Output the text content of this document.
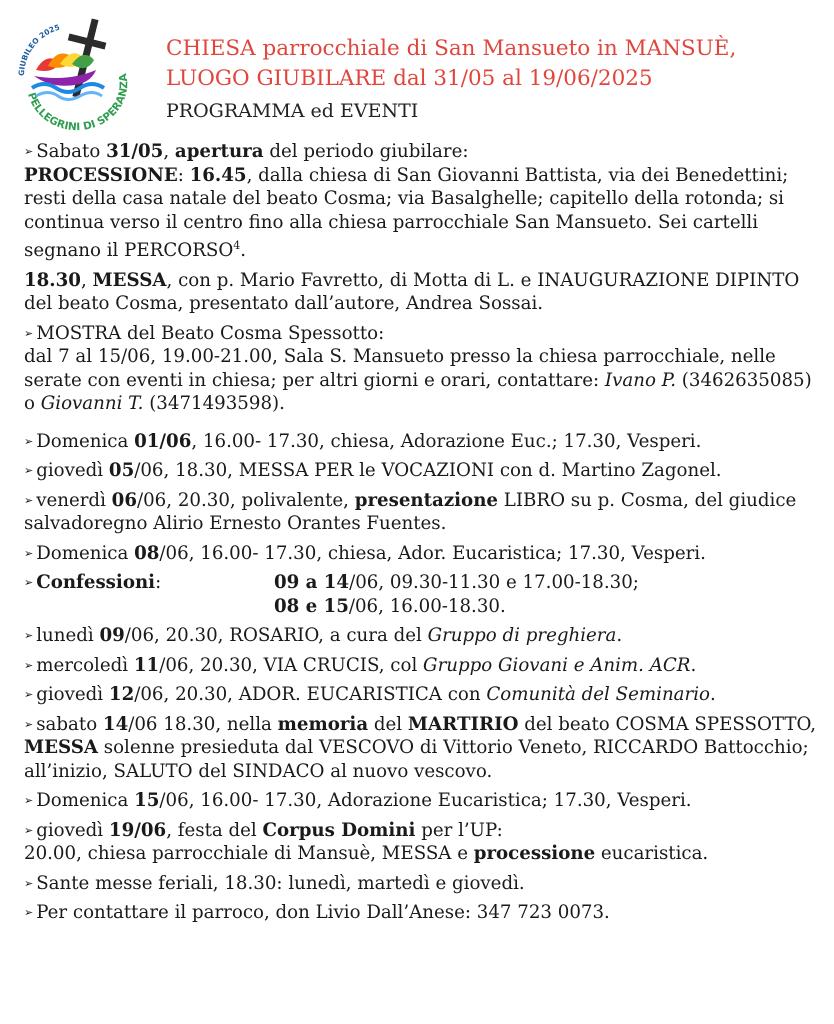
GIUBILEO 2025
PELLEGRINI DI SPERANZA
CHIESA parrocchiale di San Mansueto in MANSUÈ,
LUOGO GIUBILARE dal 31/05 al 19/06/2025
PROGRAMMA ed EVENTI

➢ Sabato 31/05, apertura del periodo giubilare:
PROCESSIONE: 16.45, dalla chiesa di San Giovanni Battista, via dei Benedettini; resti della casa natale del beato Cosma; via Basalghelle; capitello della rotonda; si continua verso il centro fino alla chiesa parrocchiale San Mansueto. Sei cartelli segnano il PERCORSO$^4$.

18.30, MESSA, con p. Mario Favretto, di Motta di L. e INAUGURAZIONE DIPINTO del beato Cosma, presentato dall’autore, Andrea Sossai.

➢ MOSTRA del Beato Cosma Spessotto:
dal 7 al 15/06, 19.00-21.00, Sala S. Mansueto presso la chiesa parrocchiale, nelle serate con eventi in chiesa; per altri giorni e orari, contattare: Ivano P. (3462635085) o Giovanni T. (3471493598).

➢ Domenica 01/06, 16.00- 17.30, chiesa, Adorazione Euc.; 17.30, Vesperi.

➢ giovedì 05/06, 18.30, MESSA PER le VOCAZIONI con d. Martino Zagonel.

➢ venerdì 06/06, 20.30, polivalente, presentazione LIBRO su p. Cosma, del giudice salvadoregno Alirio Ernesto Orantes Fuentes.

➢ Domenica 08/06, 16.00- 17.30, chiesa, Ador. Eucaristica; 17.30, Vesperi.

➢ Confessioni:	09 a 14/06, 09.30-11.30 e 17.00-18.30;
08 e 15/06, 16.00-18.30.

➢ lunedì 09/06, 20.30, ROSARIO, a cura del Gruppo di preghiera.

➢ mercoledì 11/06, 20.30, VIA CRUCIS, col Gruppo Giovani e Anim. ACR.

➢ giovedì 12/06, 20.30, ADOR. EUCARISTICA con Comunità del Seminario.

➢ sabato 14/06 18.30, nella memoria del MARTIRIO del beato COSMA SPESSOTTO, MESSA solenne presieduta dal VESCOVO di Vittorio Veneto, RICCARDO Battocchio; all’inizio, SALUTO del SINDACO al nuovo vescovo.

➢ Domenica 15/06, 16.00- 17.30, Adorazione Eucaristica; 17.30, Vesperi.

➢ giovedì 19/06, festa del Corpus Domini per l’UP:
20.00, chiesa parrocchiale di Mansuè, MESSA e processione eucaristica.

➢ Sante messe feriali, 18.30: lunedì, martedì e giovedì.

➢ Per contattare il parroco, don Livio Dall’Anese: 347 723 0073.
